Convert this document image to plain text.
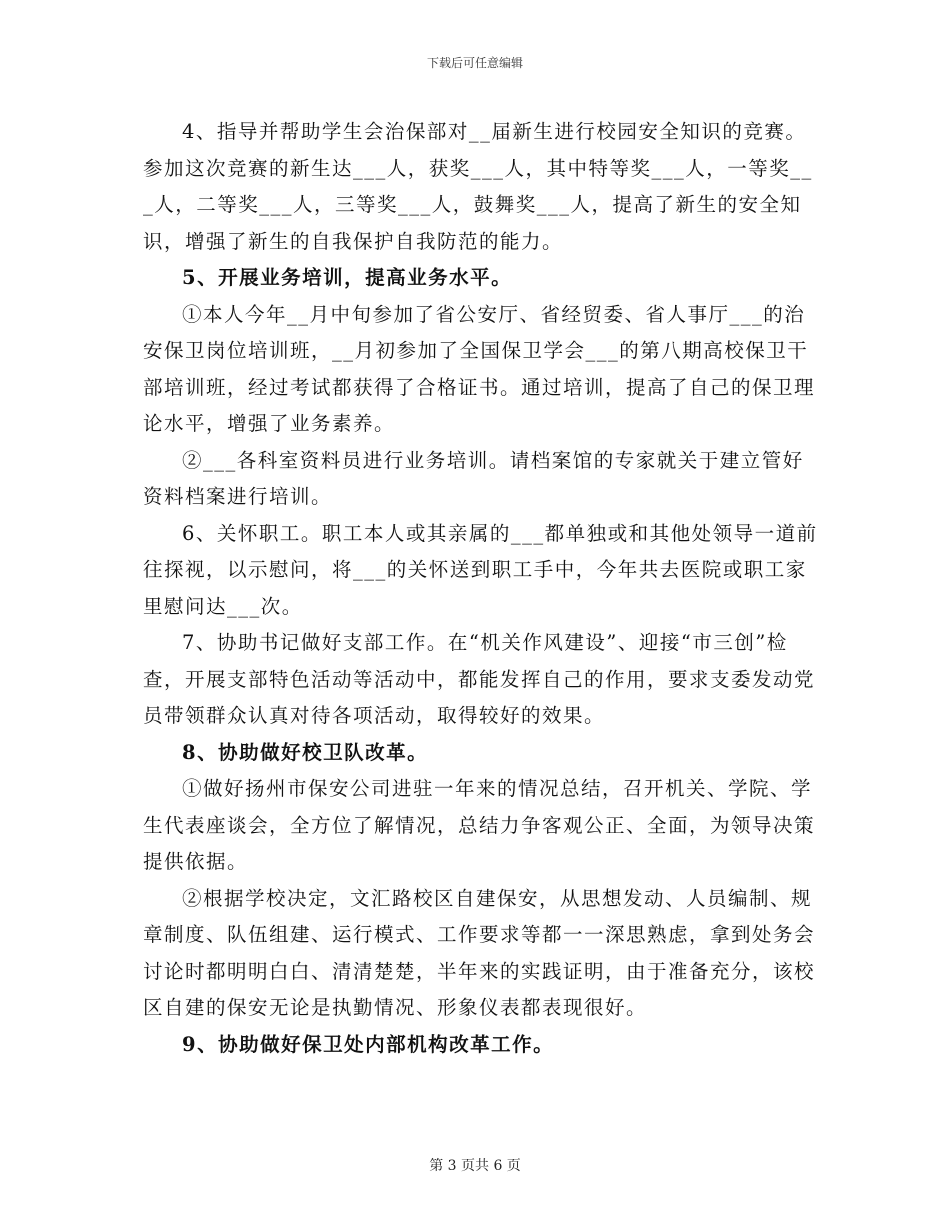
下载后可任意编辑

4、指导并帮助学生会治保部对__届新生进行校园安全知识的竞赛。参加这次竞赛的新生达___人，获奖___人，其中特等奖___人，一等奖___人，二等奖___人，三等奖___人，鼓舞奖___人，提高了新生的安全知识，增强了新生的自我保护自我防范的能力。

5、开展业务培训，提高业务水平。

①本人今年__月中旬参加了省公安厅、省经贸委、省人事厅___的治安保卫岗位培训班，__月初参加了全国保卫学会___的第八期高校保卫干部培训班，经过考试都获得了合格证书。通过培训，提高了自己的保卫理论水平，增强了业务素养。

②___各科室资料员进行业务培训。请档案馆的专家就关于建立管好资料档案进行培训。

6、关怀职工。职工本人或其亲属的___都单独或和其他处领导一道前往探视，以示慰问，将___的关怀送到职工手中，今年共去医院或职工家里慰问达___次。

7、协助书记做好支部工作。在“机关作风建设”、迎接“市三创”检查，开展支部特色活动等活动中，都能发挥自己的作用，要求支委发动党员带领群众认真对待各项活动，取得较好的效果。

8、协助做好校卫队改革。

①做好扬州市保安公司进驻一年来的情况总结，召开机关、学院、学生代表座谈会，全方位了解情况，总结力争客观公正、全面，为领导决策提供依据。

②根据学校决定，文汇路校区自建保安，从思想发动、人员编制、规章制度、队伍组建、运行模式、工作要求等都一一深思熟虑，拿到处务会讨论时都明明白白、清清楚楚，半年来的实践证明，由于准备充分，该校区自建的保安无论是执勤情况、形象仪表都表现很好。

9、协助做好保卫处内部机构改革工作。

第 3 页共 6 页
